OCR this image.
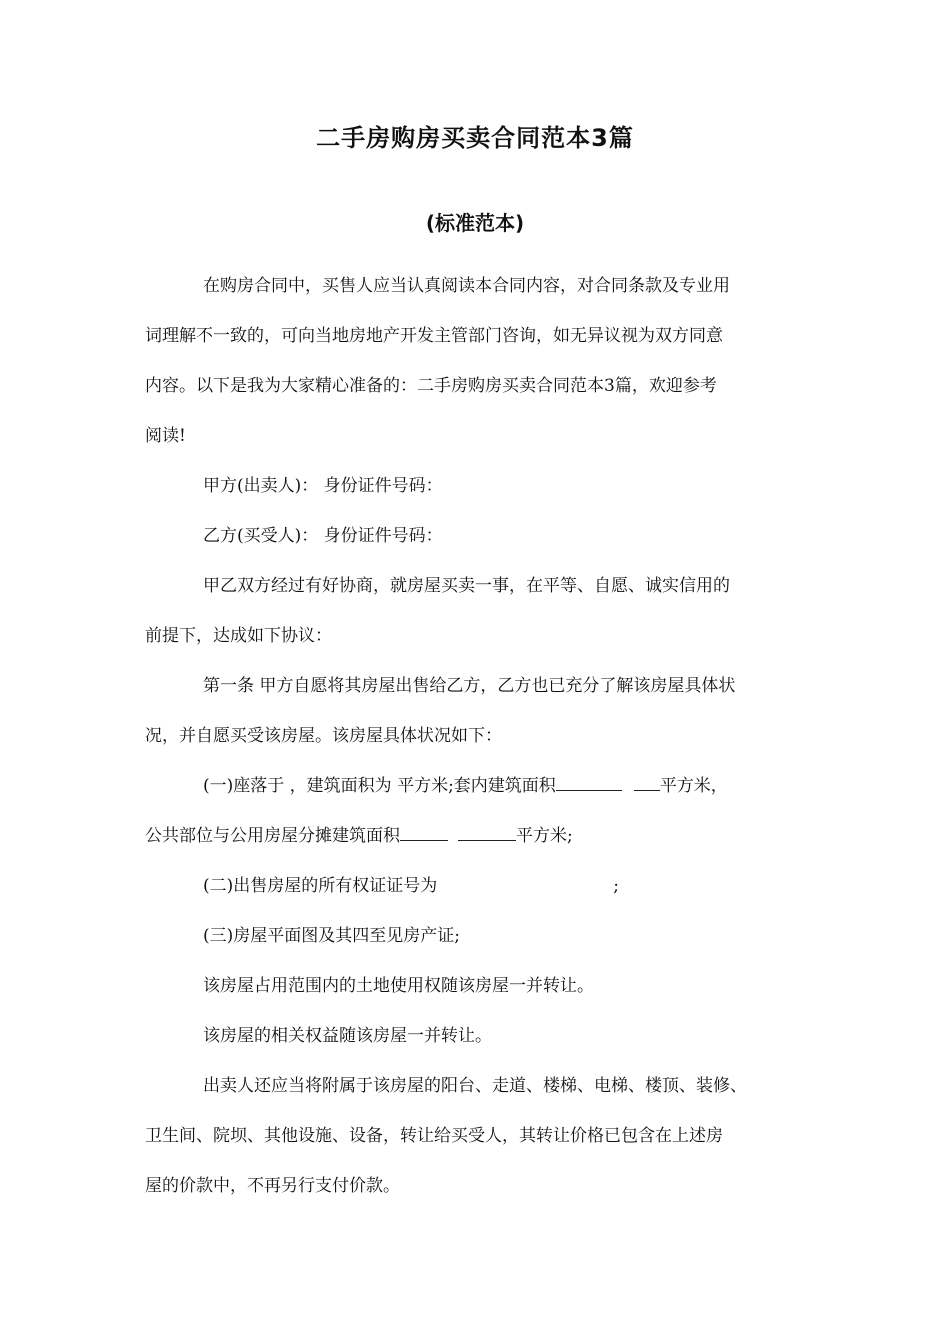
二手房购房买卖合同范本3篇
(标准范本)
在购房合同中，买售人应当认真阅读本合同内容，对合同条款及专业用
词理解不一致的，可向当地房地产开发主管部门咨询，如无异议视为双方同意
内容。以下是我为大家精心准备的：二手房购房买卖合同范本3篇，欢迎参考
阅读!
甲方(出卖人)： 身份证件号码：
乙方(买受人)： 身份证件号码：
甲乙双方经过有好协商，就房屋买卖一事，在平等、自愿、诚实信用的
前提下，达成如下协议：
第一条 甲方自愿将其房屋出售给乙方，乙方也已充分了解该房屋具体状
况，并自愿买受该房屋。该房屋具体状况如下：
(一)座落于 ，建筑面积为 平方米;套内建筑面积	平方米，
公共部位与公用房屋分摊建筑面积	平方米;
(二)出售房屋的所有权证证号为	;
(三)房屋平面图及其四至见房产证;
该房屋占用范围内的土地使用权随该房屋一并转让。
该房屋的相关权益随该房屋一并转让。
出卖人还应当将附属于该房屋的阳台、走道、楼梯、电梯、楼顶、装修、
卫生间、院坝、其他设施、设备，转让给买受人，其转让价格已包含在上述房
屋的价款中，不再另行支付价款。
